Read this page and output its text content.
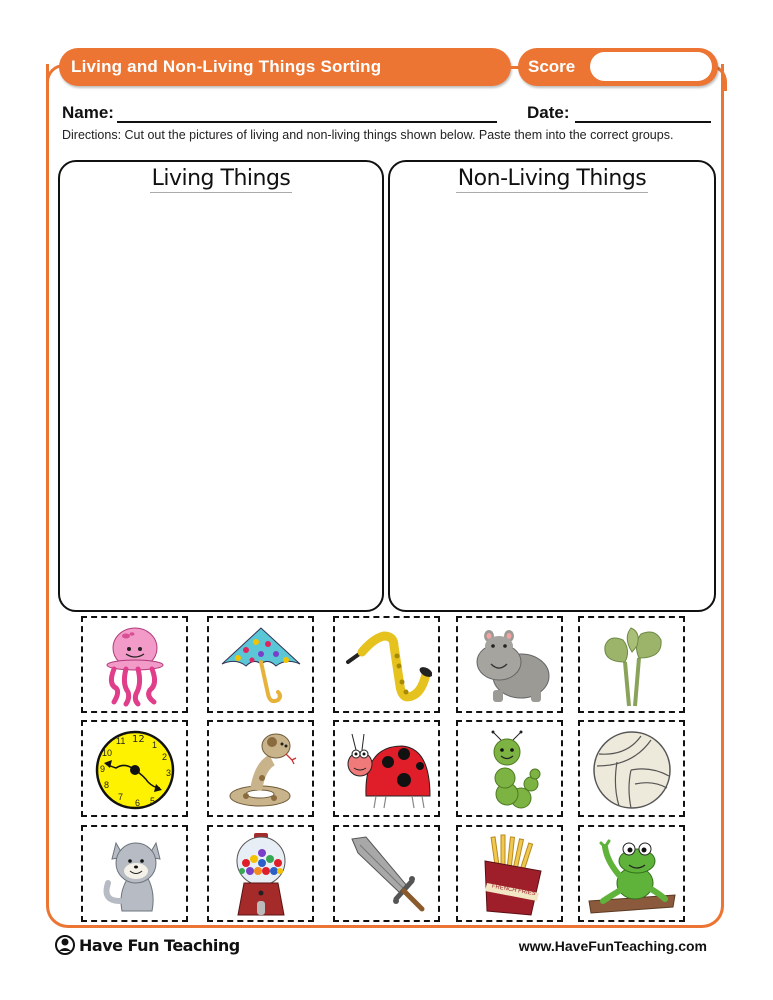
Living and Non-Living Things Sorting	Score
Name:	Date:
Directions: Cut out the pictures of living and non-living things shown below. Paste them into the correct groups.
Living Things	Non-Living Things
12 1
2
3
5
6
7
8
9
10
11
FRENCH FRIES
Have Fun Teaching	www.HaveFunTeaching.com
